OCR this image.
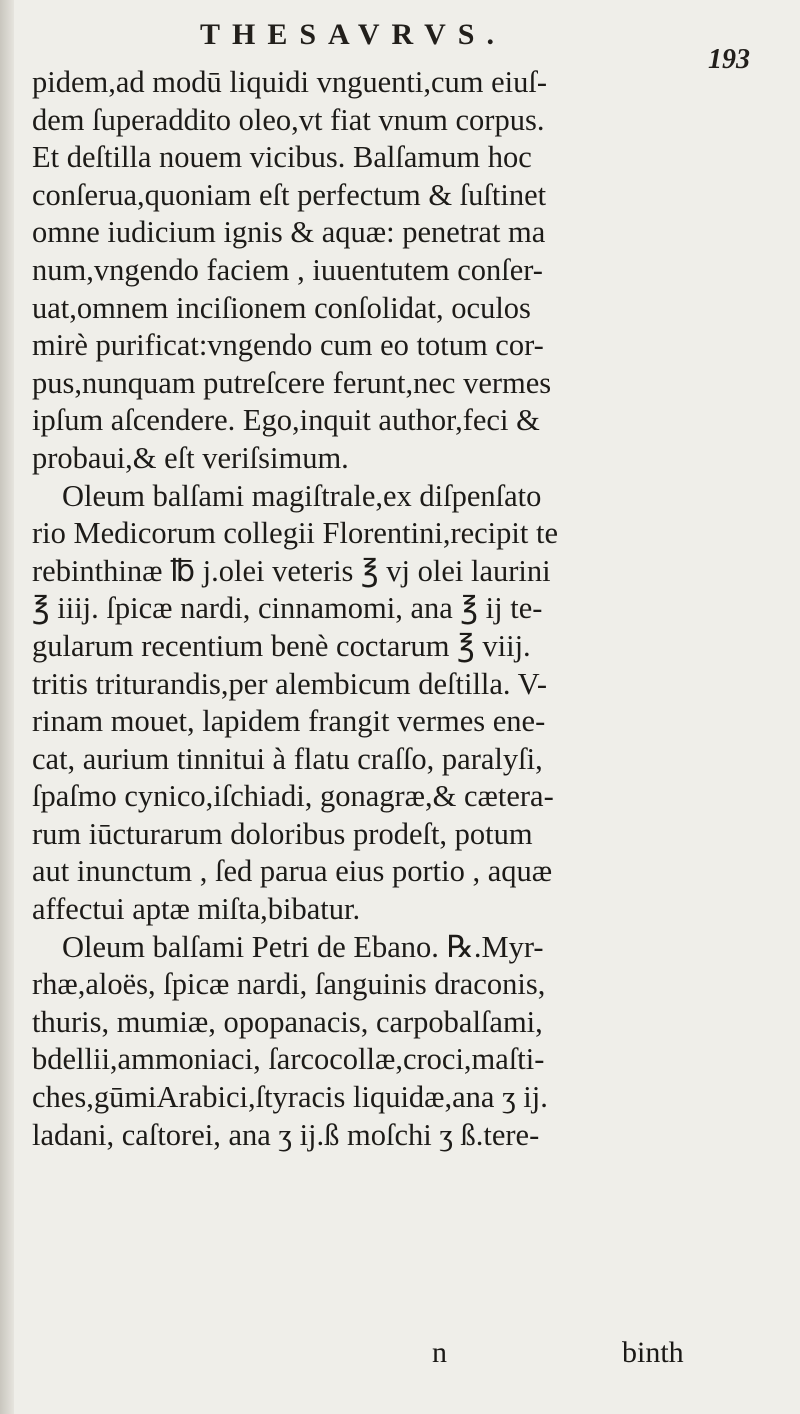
THESAVRVS.
193
pidem,ad modū liquidi vnguenti,cum eiuſ-
dem ſuperaddito oleo,vt fiat vnum corpus.
Et deſtilla nouem vicibus. Balſamum hoc
conſerua,quoniam eſt perfectum & ſuſtinet
omne iudicium ignis & aquæ: penetrat ma
num,vngendo faciem , iuuentutem conſer-
uat,omnem inciſionem conſolidat, oculos
mirè purificat:vngendo cum eo totum cor-
pus,nunquam putreſcere ferunt,nec vermes
ipſum aſcendere. Ego,inquit author,feci &
probaui,& eſt veriſsimum.
Oleum balſami magiſtrale,ex diſpenſato
rio Medicorum collegii Florentini,recipit te
rebinthinæ ℔ j.olei veteris ℥ vj olei laurini
℥ iiij. ſpicæ nardi, cinnamomi, ana ℥ ij te-
gularum recentium benè coctarum ℥ viij.
tritis triturandis,per alembicum deſtilla. V-
rinam mouet, lapidem frangit vermes ene-
cat, aurium tinnitui à flatu craſſo, paralyſi,
ſpaſmo cynico,iſchiadi, gonagræ,& cætera-
rum iūcturarum doloribus prodeſt, potum
aut inunctum , ſed parua eius portio , aquæ
affectui aptæ miſta,bibatur.
Oleum balſami Petri de Ebano. ℞.Myr-
rhæ,aloës, ſpicæ nardi, ſanguinis draconis,
thuris, mumiæ, opopanacis, carpobalſami,
bdellii,ammoniaci, ſarcocollæ,croci,maſti-
ches,gūmiArabici,ſtyracis liquidæ,ana ʒ ij.
ladani, caſtorei, ana ʒ ij.ß moſchi ʒ ß.tere-
n	binth
